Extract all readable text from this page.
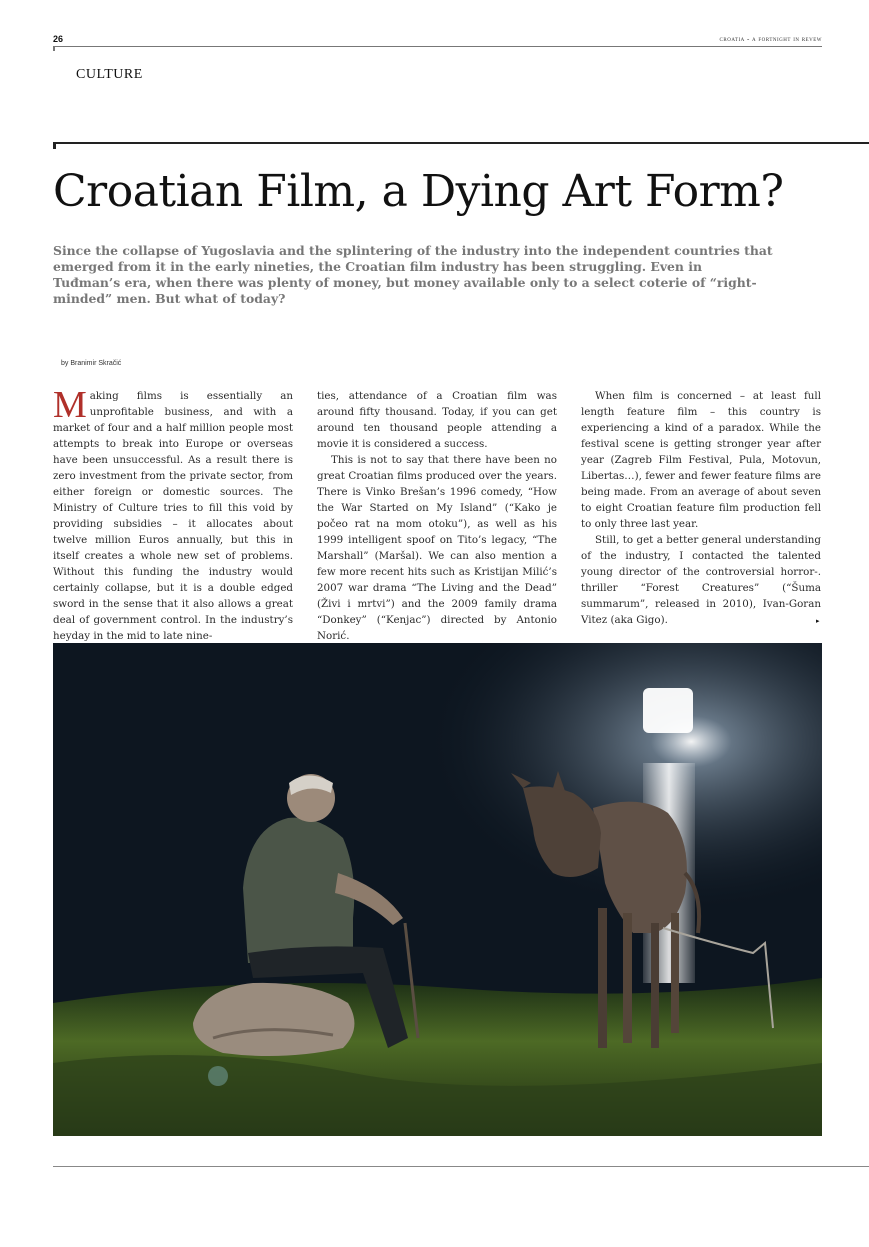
26	croatia - a fortnight in revew
CULTURE
Croatian Film, a Dying Art Form?

Since the collapse of Yugoslavia and the splintering of the industry into the independent countries that emerged from it in the early nineties, the Croatian film industry has been struggling. Even in Tuđman’s era, when there was plenty of money, but money available only to a select coterie of “right-minded” men. But what of today?

by Branimir Skračić

Making films is essentially an unprofitable business, and with a market of four and a half million people most attempts to break into Europe or overseas have been unsuccessful. As a result there is zero investment from the private sector, from either foreign or domestic sources. The Ministry of Culture tries to fill this void by providing subsidies – it allocates about twelve million Euros annually, but this in itself creates a whole new set of problems. Without this funding the industry would certainly collapse, but it is a double edged sword in the sense that it also allows a great deal of government control. In the industry’s heyday in the mid to late nine-

ties, attendance of a Croatian film was around fifty thousand. Today, if you can get around ten thousand people attending a movie it is considered a success.

This is not to say that there have been no great Croatian films produced over the years. There is Vinko Brešan’s 1996 comedy, “How the War Started on My Island” (“Kako je počeo rat na mom otoku”), as well as his 1999 intelligent spoof on Tito’s legacy, “The Marshall” (Maršal). We can also mention a few more recent hits such as Kristijan Milić’s 2007 war drama “The Living and the Dead” (Živi i mrtvi”) and the 2009 family drama “Donkey” (“Kenjac”) directed by Antonio Norić.

When film is concerned – at least full length feature film – this country is experiencing a kind of a paradox. While the festival scene is getting stronger year after year (Zagreb Film Festival, Pula, Motovun, Libertas…), fewer and fewer feature films are being made. From an average of about seven to eight Croatian feature film production fell to only three last year.

Still, to get a better general understanding of the industry, I contacted the talented young director of the controversial horror-. thriller “Forest Creatures” (“Šuma summarum”, released in 2010), Ivan-Goran Vitez (aka Gigo).	▸
